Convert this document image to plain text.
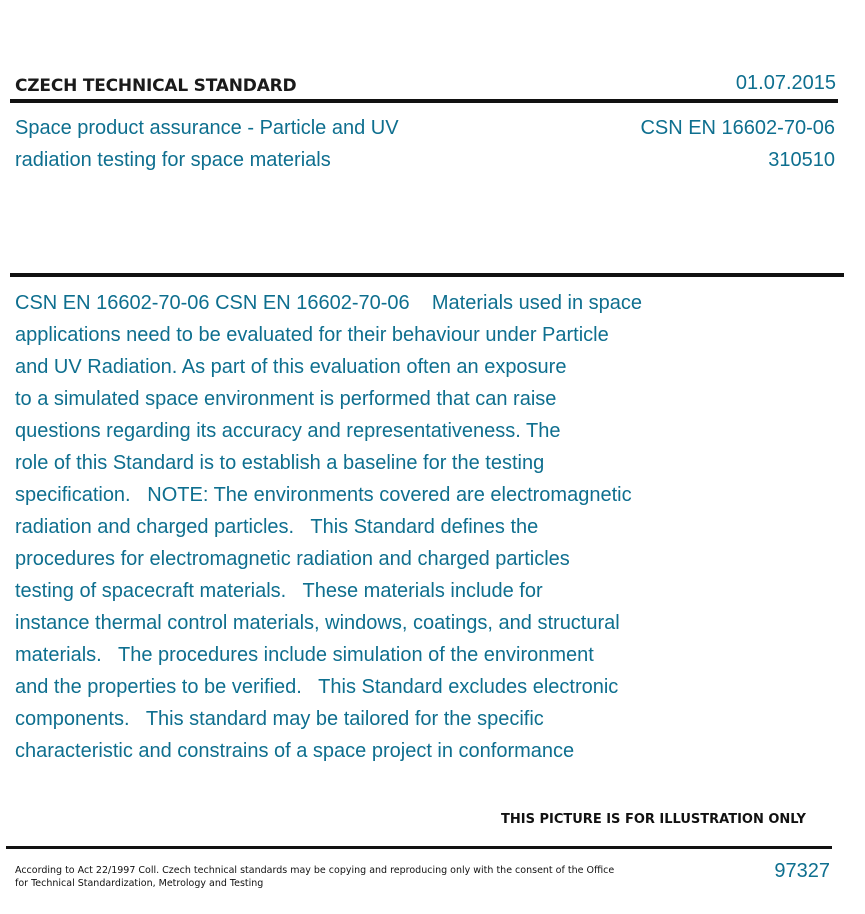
CZECH TECHNICAL STANDARD	01.07.2015
Space product assurance - Particle and UV
radiation testing for space materials
CSN EN 16602-70-06
310510
CSN EN 16602-70-06 CSN EN 16602-70-06    Materials used in space
applications need to be evaluated for their behaviour under Particle
and UV Radiation. As part of this evaluation often an exposure
to a simulated space environment is performed that can raise
questions regarding its accuracy and representativeness. The
role of this Standard is to establish a baseline for the testing
specification.   NOTE: The environments covered are electromagnetic
radiation and charged particles.   This Standard defines the
procedures for electromagnetic radiation and charged particles
testing of spacecraft materials.   These materials include for
instance thermal control materials, windows, coatings, and structural
materials.   The procedures include simulation of the environment
and the properties to be verified.   This Standard excludes electronic
components.   This standard may be tailored for the specific
characteristic and constrains of a space project in conformance
THIS PICTURE IS FOR ILLUSTRATION ONLY
According to Act 22/1997 Coll. Czech technical standards may be copying and reproducing only with the consent of the Office
for Technical Standardization, Metrology and Testing
97327
